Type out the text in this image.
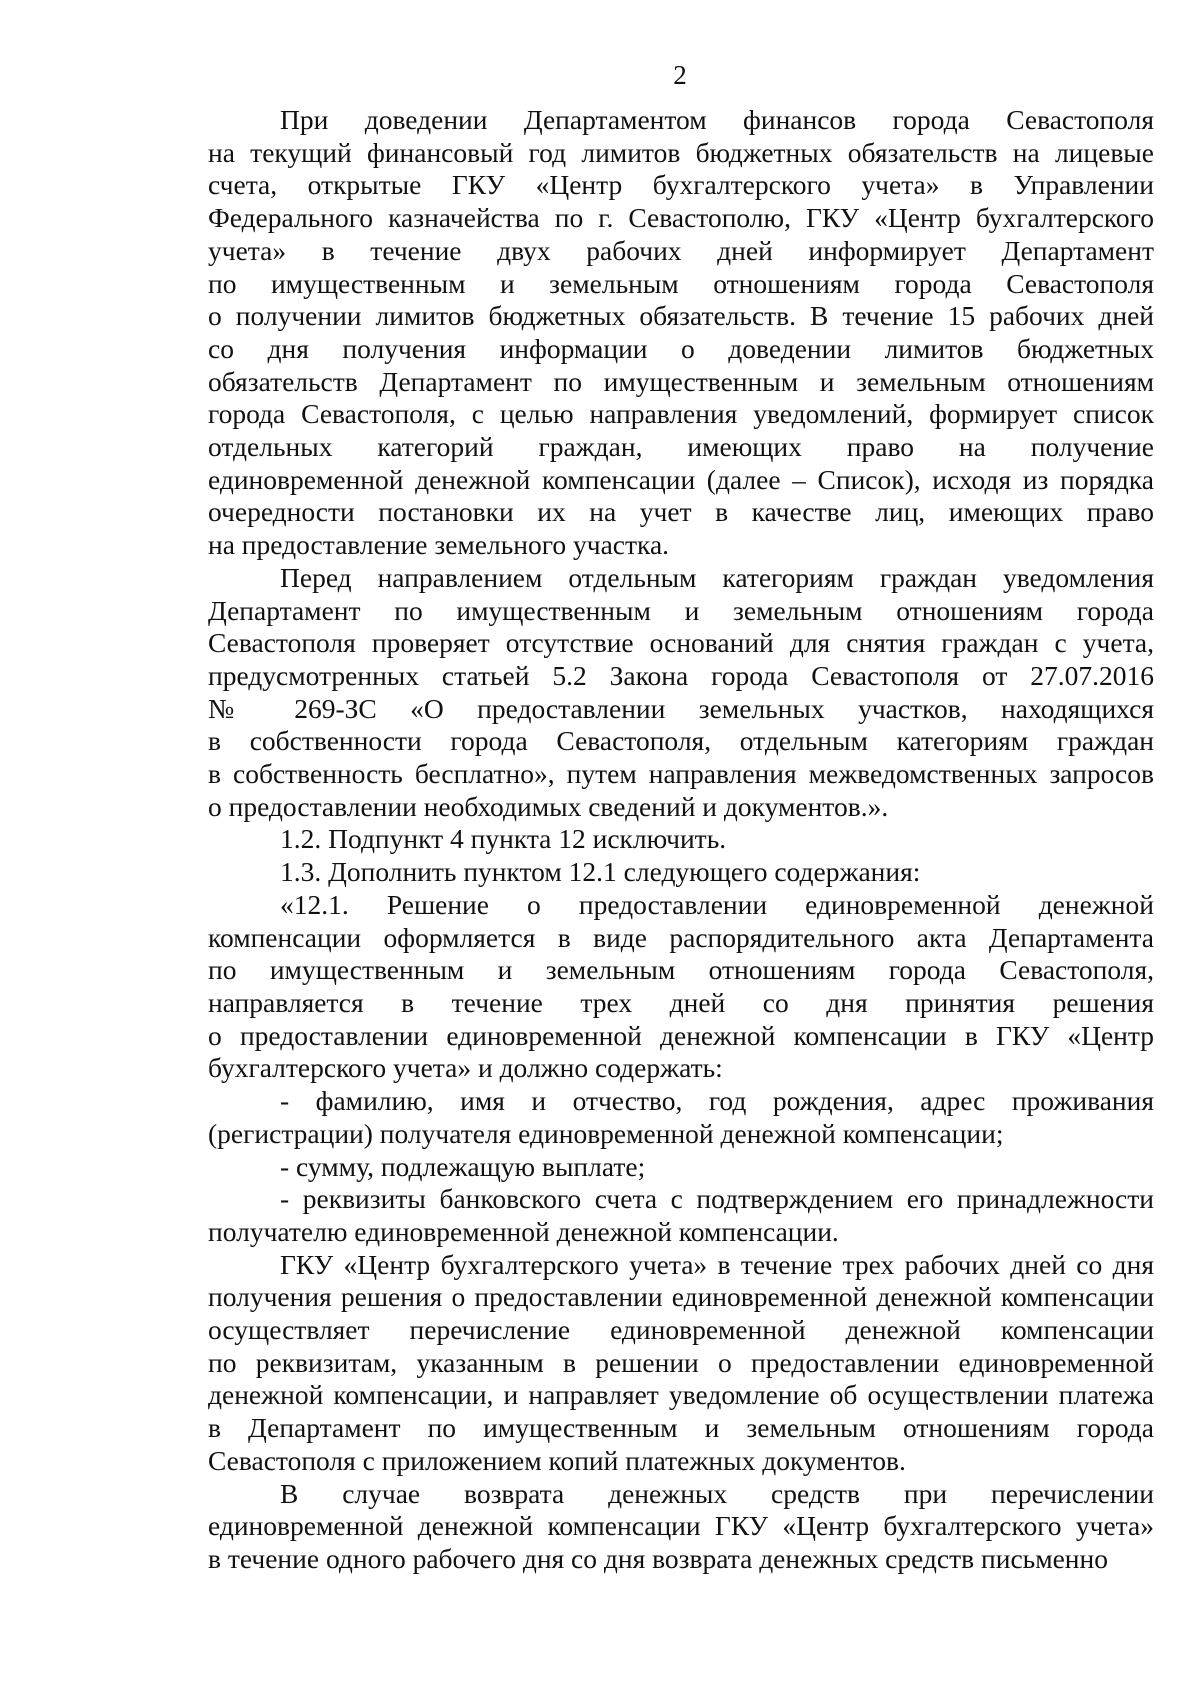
2

При доведении Департаментом финансов города Севастополя

на текущий финансовый год лимитов бюджетных обязательств на лицевые

счета, открытые ГКУ «Центр бухгалтерского учета» в Управлении

Федерального казначейства по г. Севастополю, ГКУ «Центр бухгалтерского

учета» в течение двух рабочих дней информирует Департамент

по имущественным и земельным отношениям города Севастополя

о получении лимитов бюджетных обязательств. В течение 15 рабочих дней

со дня получения информации о доведении лимитов бюджетных

обязательств Департамент по имущественным и земельным отношениям

города Севастополя, с целью направления уведомлений, формирует список

отдельных категорий граждан, имеющих право на получение

единовременной денежной компенсации (далее – Список), исходя из порядка

очередности постановки их на учет в качестве лиц, имеющих право

на предоставление земельного участка.

Перед направлением отдельным категориям граждан уведомления

Департамент по имущественным и земельным отношениям города

Севастополя проверяет отсутствие оснований для снятия граждан с учета,

предусмотренных статьей 5.2 Закона города Севастополя от 27.07.2016

№ 269-ЗС «О предоставлении земельных участков, находящихся

в собственности города Севастополя, отдельным категориям граждан

в собственность бесплатно», путем направления межведомственных запросов

о предоставлении необходимых сведений и документов.».

1.2. Подпункт 4 пункта 12 исключить.

1.3. Дополнить пунктом 12.1 следующего содержания:

«12.1. Решение о предоставлении единовременной денежной

компенсации оформляется в виде распорядительного акта Департамента

по имущественным и земельным отношениям города Севастополя,

направляется в течение трех дней со дня принятия решения

о предоставлении единовременной денежной компенсации в ГКУ «Центр

бухгалтерского учета» и должно содержать:

- фамилию, имя и отчество, год рождения, адрес проживания

(регистрации) получателя единовременной денежной компенсации;

- сумму, подлежащую выплате;

- реквизиты банковского счета с подтверждением его принадлежности

получателю единовременной денежной компенсации.

ГКУ «Центр бухгалтерского учета» в течение трех рабочих дней со дня

получения решения о предоставлении единовременной денежной компенсации

осуществляет перечисление единовременной денежной компенсации

по реквизитам, указанным в решении о предоставлении единовременной

денежной компенсации, и направляет уведомление об осуществлении платежа

в Департамент по имущественным и земельным отношениям города

Севастополя с приложением копий платежных документов.

В случае возврата денежных средств при перечислении

единовременной денежной компенсации ГКУ «Центр бухгалтерского учета»

в течение одного рабочего дня со дня возврата денежных средств письменно
